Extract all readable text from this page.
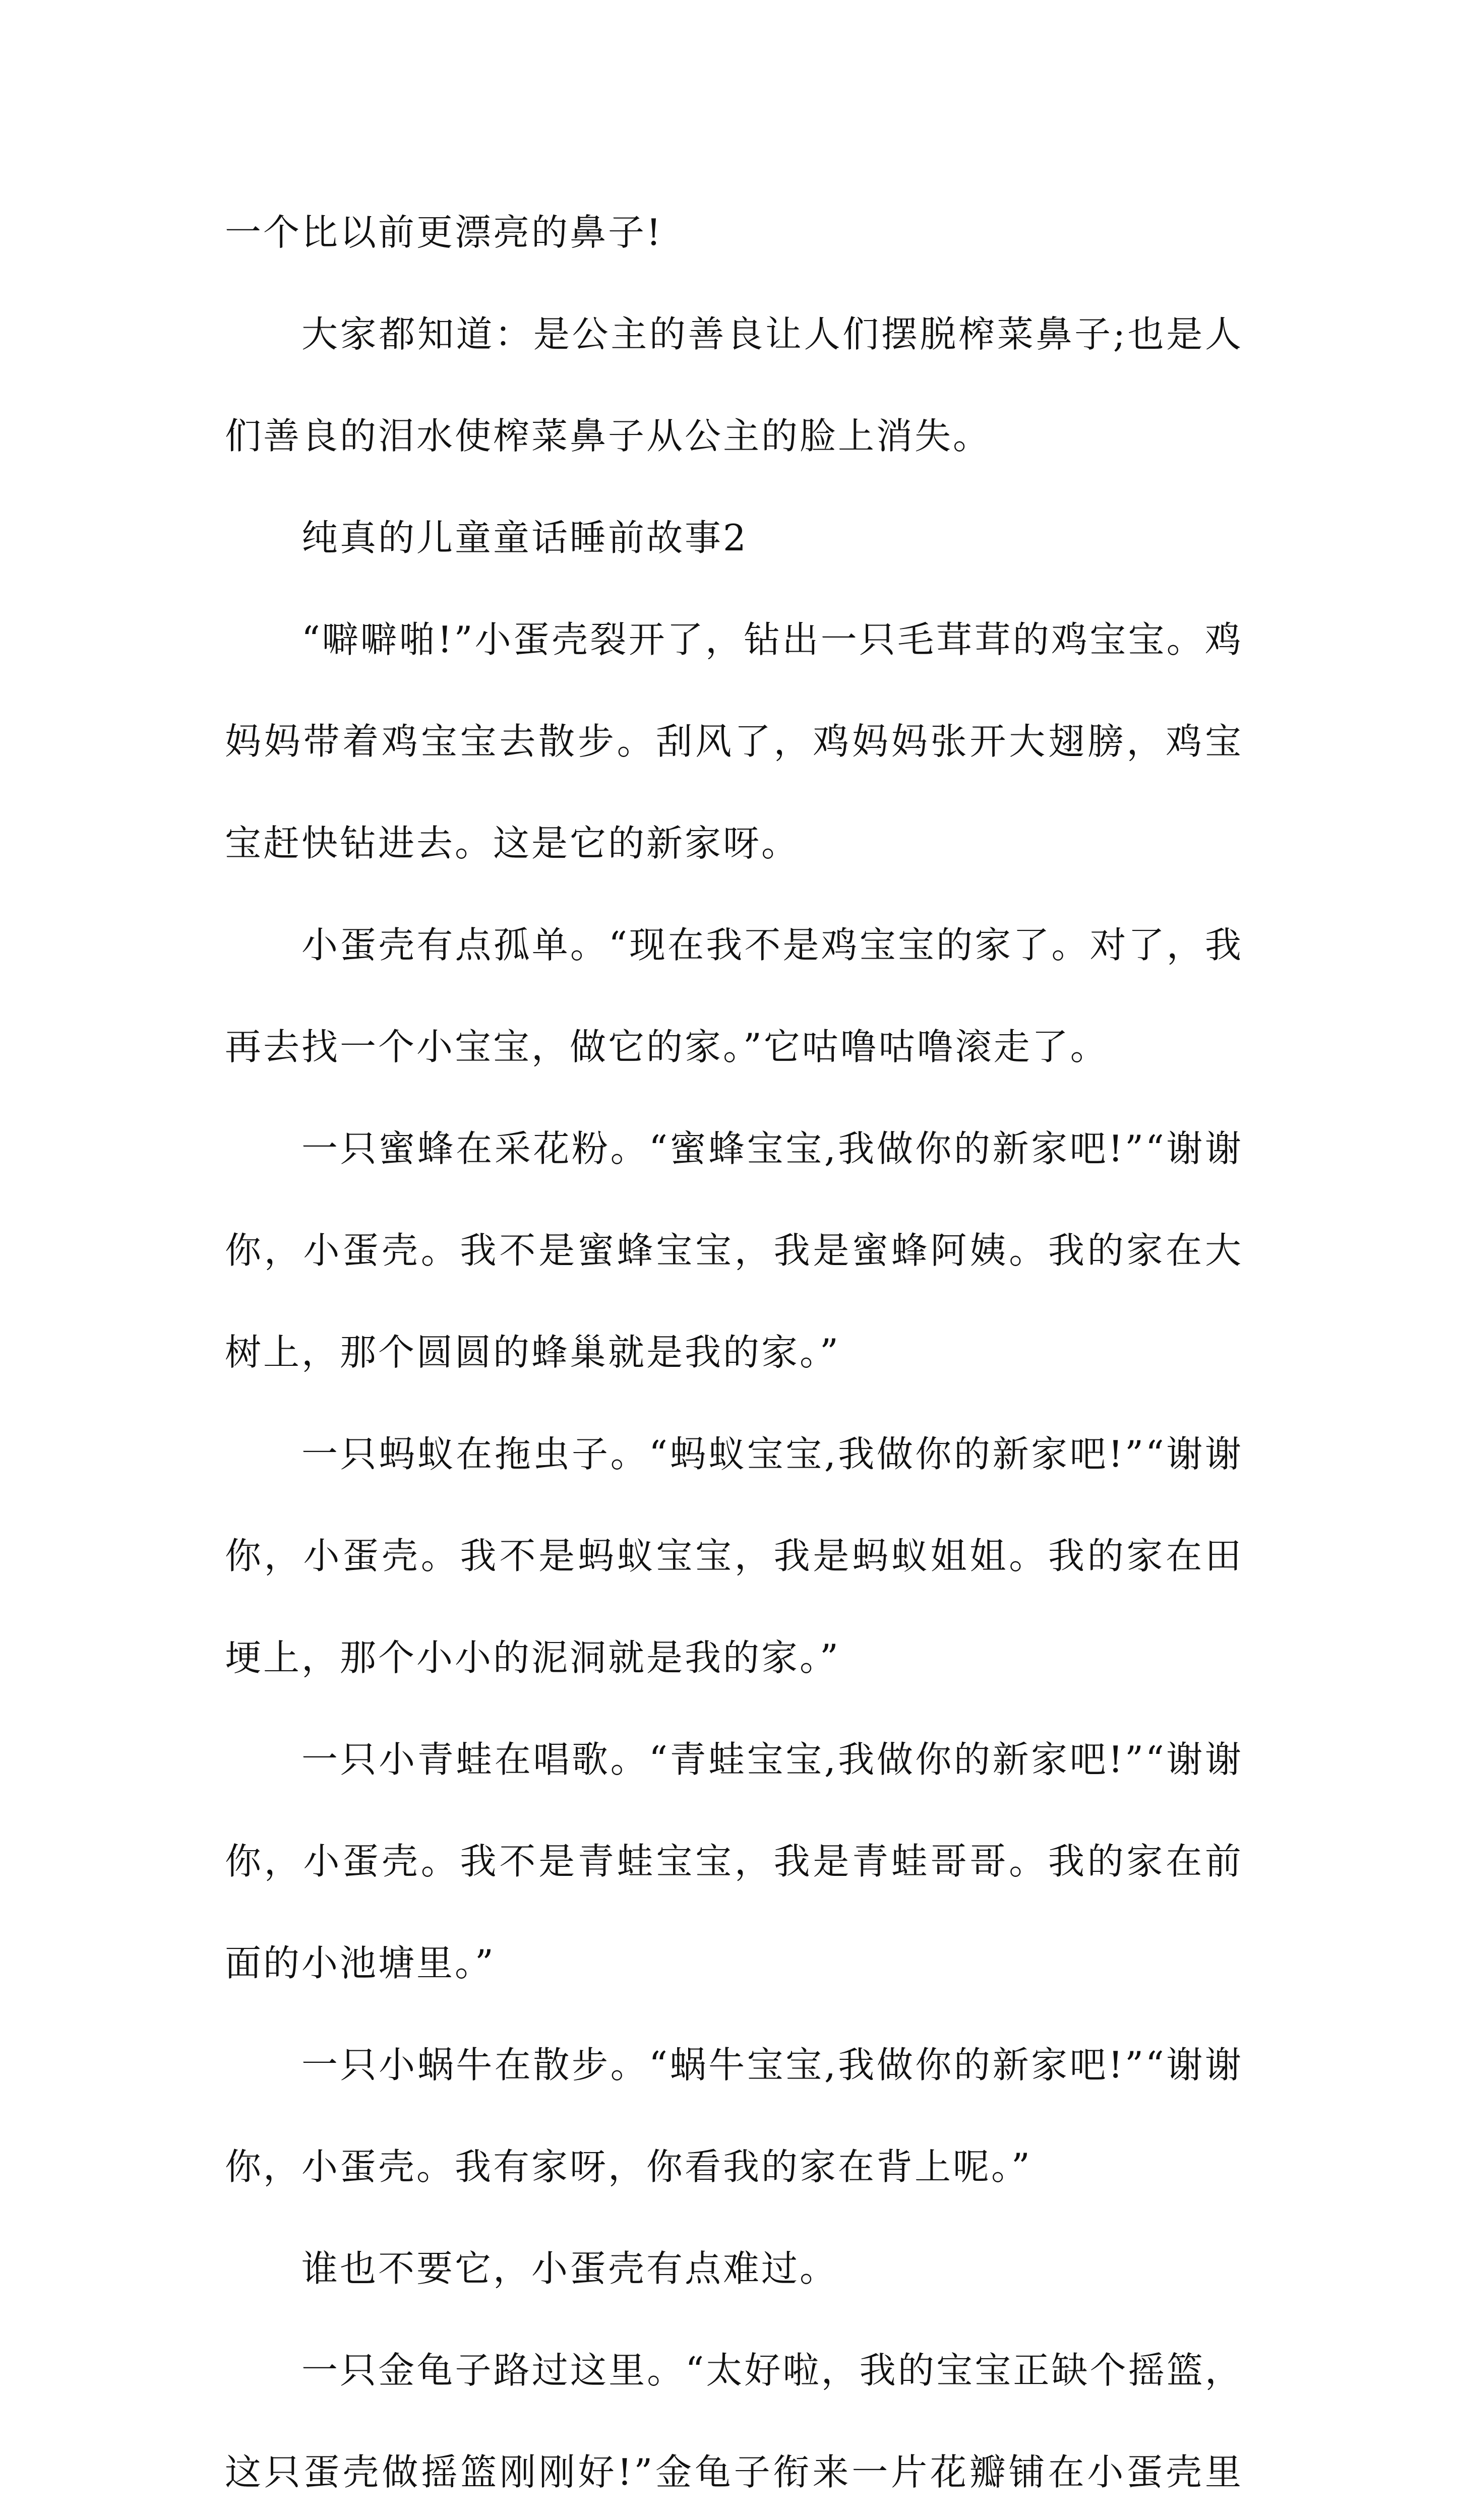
一个比以前更漂亮的鼻子!

大家都知道：是公主的善良让人们摆脱榨菜鼻子;也是人们善良的泪水使榨菜鼻子从公主的脸上消失。

纯真的儿童童话睡前故事2

“噼噼啪!”小蛋壳裂开了，钻出一只毛茸茸的鸡宝宝。鸡妈妈带着鸡宝宝去散步。刮风了，鸡妈妈张开大翅膀，鸡宝宝赶快钻进去。这是它的新家呀。

小蛋壳有点孤单。“现在我不是鸡宝宝的家了。对了，我再去找一个小宝宝，做它的家。”它咕噜咕噜滚走了。

一只蜜蜂在采花粉。“蜜蜂宝宝,我做你的新家吧!”“谢谢你，小蛋壳。我不是蜜蜂宝宝，我是蜜蜂阿姨。我的家在大树上，那个圆圆的蜂巢就是我的家。”

一只蚂蚁在拖虫子。“蚂蚁宝宝,我做你的新家吧!”“谢谢你，小蛋壳。我不是蚂蚁宝宝，我是蚂蚁姐姐。我的家在田埂上，那个小小的泥洞就是我的家。”

一只小青蛙在唱歌。“青蛙宝宝,我做你的新家吧!”“谢谢你，小蛋壳。我不是青蛙宝宝，我是青蛙哥哥。我的家在前面的小池塘里。”

一只小蜗牛在散步。“蜗牛宝宝,我做你的新家吧!”“谢谢你，小蛋壳。我有家呀，你看我的家在背上呢。”

谁也不要它，小蛋壳有点难过。

一只金龟子路过这里。“太好啦，我的宝宝正缺个摇篮，这只蛋壳做摇篮刚刚好!”金龟子衔来一片花瓣铺在小蛋壳里
